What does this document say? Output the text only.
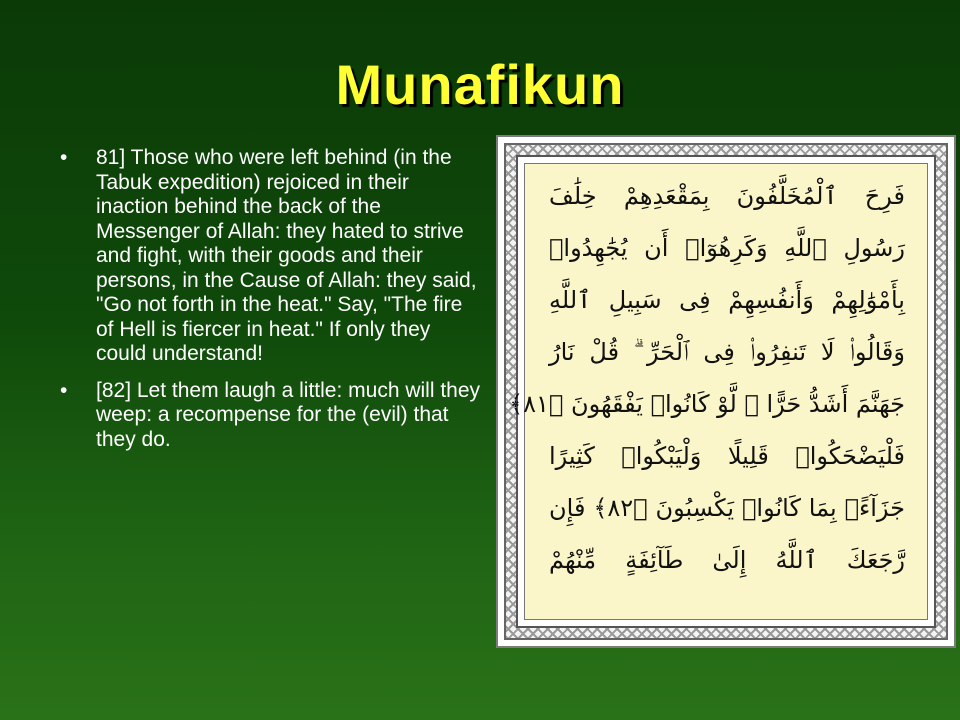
Munafikun
• 81] Those who were left behind (in the Tabuk expedition) rejoiced in their inaction behind the back of the Messenger of Allah: they hated to strive and fight, with their goods and their persons, in the Cause of Allah: they said, "Go not forth in the heat." Say, "The fire of Hell is fiercer in heat." If only they could understand!
• [82] Let them laugh a little: much will they weep: a recompense for the (evil) that they do.
فَرِحَ ٱلْمُخَلَّفُونَ بِمَقْعَدِهِمْ خِلَٰفَ
رَسُولِ ٱللَّهِ وَكَرِهُوٓا۟ أَن يُجَٰهِدُوا۟
بِأَمْوَٰلِهِمْ وَأَنفُسِهِمْ فِى سَبِيلِ ٱللَّهِ
وَقَالُوا۟ لَا تَنفِرُوا۟ فِى ٱلْحَرِّ ۗ قُلْ نَارُ
جَهَنَّمَ أَشَدُّ حَرًّا ۚ لَّوْ كَانُوا۟ يَفْقَهُونَ ﴿٨١﴾
فَلْيَضْحَكُوا۟ قَلِيلًا وَلْيَبْكُوا۟ كَثِيرًا
جَزَآءًۢ بِمَا كَانُوا۟ يَكْسِبُونَ ﴿٨٢﴾ فَإِن
رَّجَعَكَ ٱللَّهُ إِلَىٰ طَآئِفَةٍ مِّنْهُمْ
